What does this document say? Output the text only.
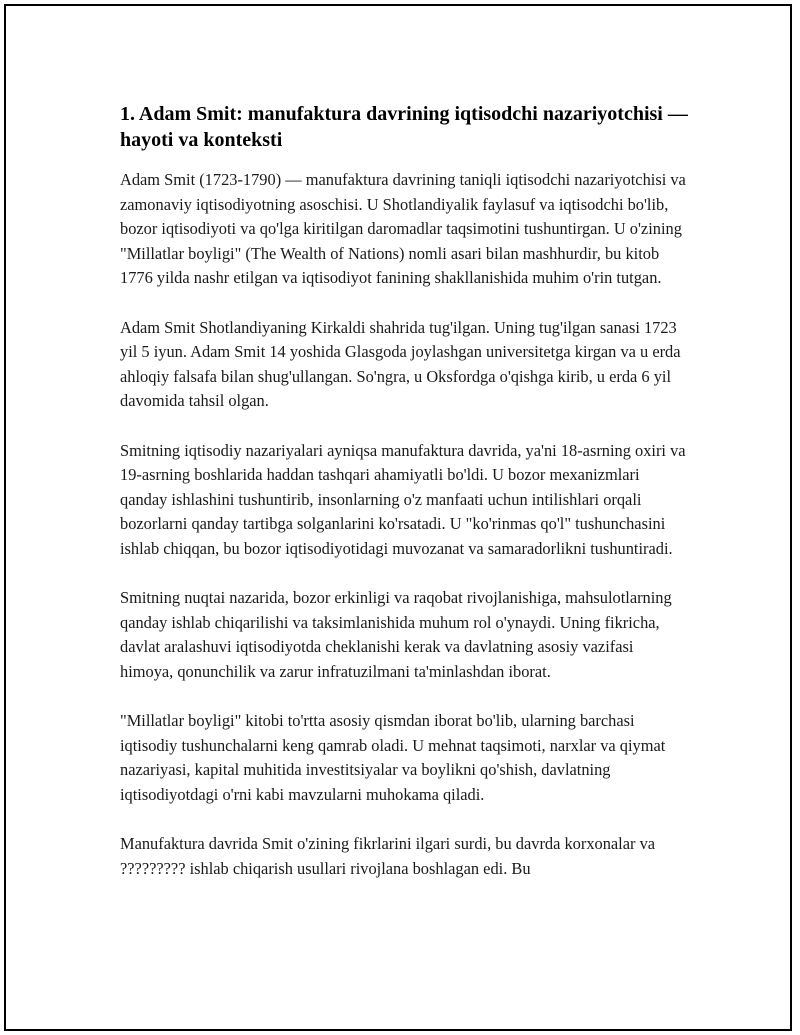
1. Adam Smit: manufaktura davrining iqtisodchi nazariyotchisi — hayoti va konteksti

Adam Smit (1723-1790) — manufaktura davrining taniqli iqtisodchi nazariyotchisi va zamonaviy iqtisodiyotning asoschisi. U Shotlandiyalik faylasuf va iqtisodchi bo'lib, bozor iqtisodiyoti va qo'lga kiritilgan daromadlar taqsimotini tushuntirgan. U o'zining "Millatlar boyligi" (The Wealth of Nations) nomli asari bilan mashhurdir, bu kitob 1776 yilda nashr etilgan va iqtisodiyot fanining shakllanishida muhim o'rin tutgan.

Adam Smit Shotlandiyaning Kirkaldi shahrida tug'ilgan. Uning tug'ilgan sanasi 1723 yil 5 iyun. Adam Smit 14 yoshida Glasgoda joylashgan universitetga kirgan va u erda ahloqiy falsafa bilan shug'ullangan. So'ngra, u Oksfordga o'qishga kirib, u erda 6 yil davomida tahsil olgan.

Smitning iqtisodiy nazariyalari ayniqsa manufaktura davrida, ya'ni 18-asrning oxiri va 19-asrning boshlarida haddan tashqari ahamiyatli bo'ldi. U bozor mexanizmlari qanday ishlashini tushuntirib, insonlarning o'z manfaati uchun intilishlari orqali bozorlarni qanday tartibga solganlarini ko'rsatadi. U "ko'rinmas qo'l" tushunchasini ishlab chiqqan, bu bozor iqtisodiyotidagi muvozanat va samaradorlikni tushuntiradi.

Smitning nuqtai nazarida, bozor erkinligi va raqobat rivojlanishiga, mahsulotlarning qanday ishlab chiqarilishi va taksimlanishida muhum rol o'ynaydi. Uning fikricha, davlat aralashuvi iqtisodiyotda cheklanishi kerak va davlatning asosiy vazifasi himoya, qonunchilik va zarur infratuzilmani ta'minlashdan iborat.

"Millatlar boyligi" kitobi to'rtta asosiy qismdan iborat bo'lib, ularning barchasi iqtisodiy tushunchalarni keng qamrab oladi. U mehnat taqsimoti, narxlar va qiymat nazariyasi, kapital muhitida investitsiyalar va boylikni qo'shish, davlatning iqtisodiyotdagi o'rni kabi mavzularni muhokama qiladi.

Manufaktura davrida Smit o'zining fikrlarini ilgari surdi, bu davrda korxonalar va ????????? ishlab chiqarish usullari rivojlana boshlagan edi. Bu
